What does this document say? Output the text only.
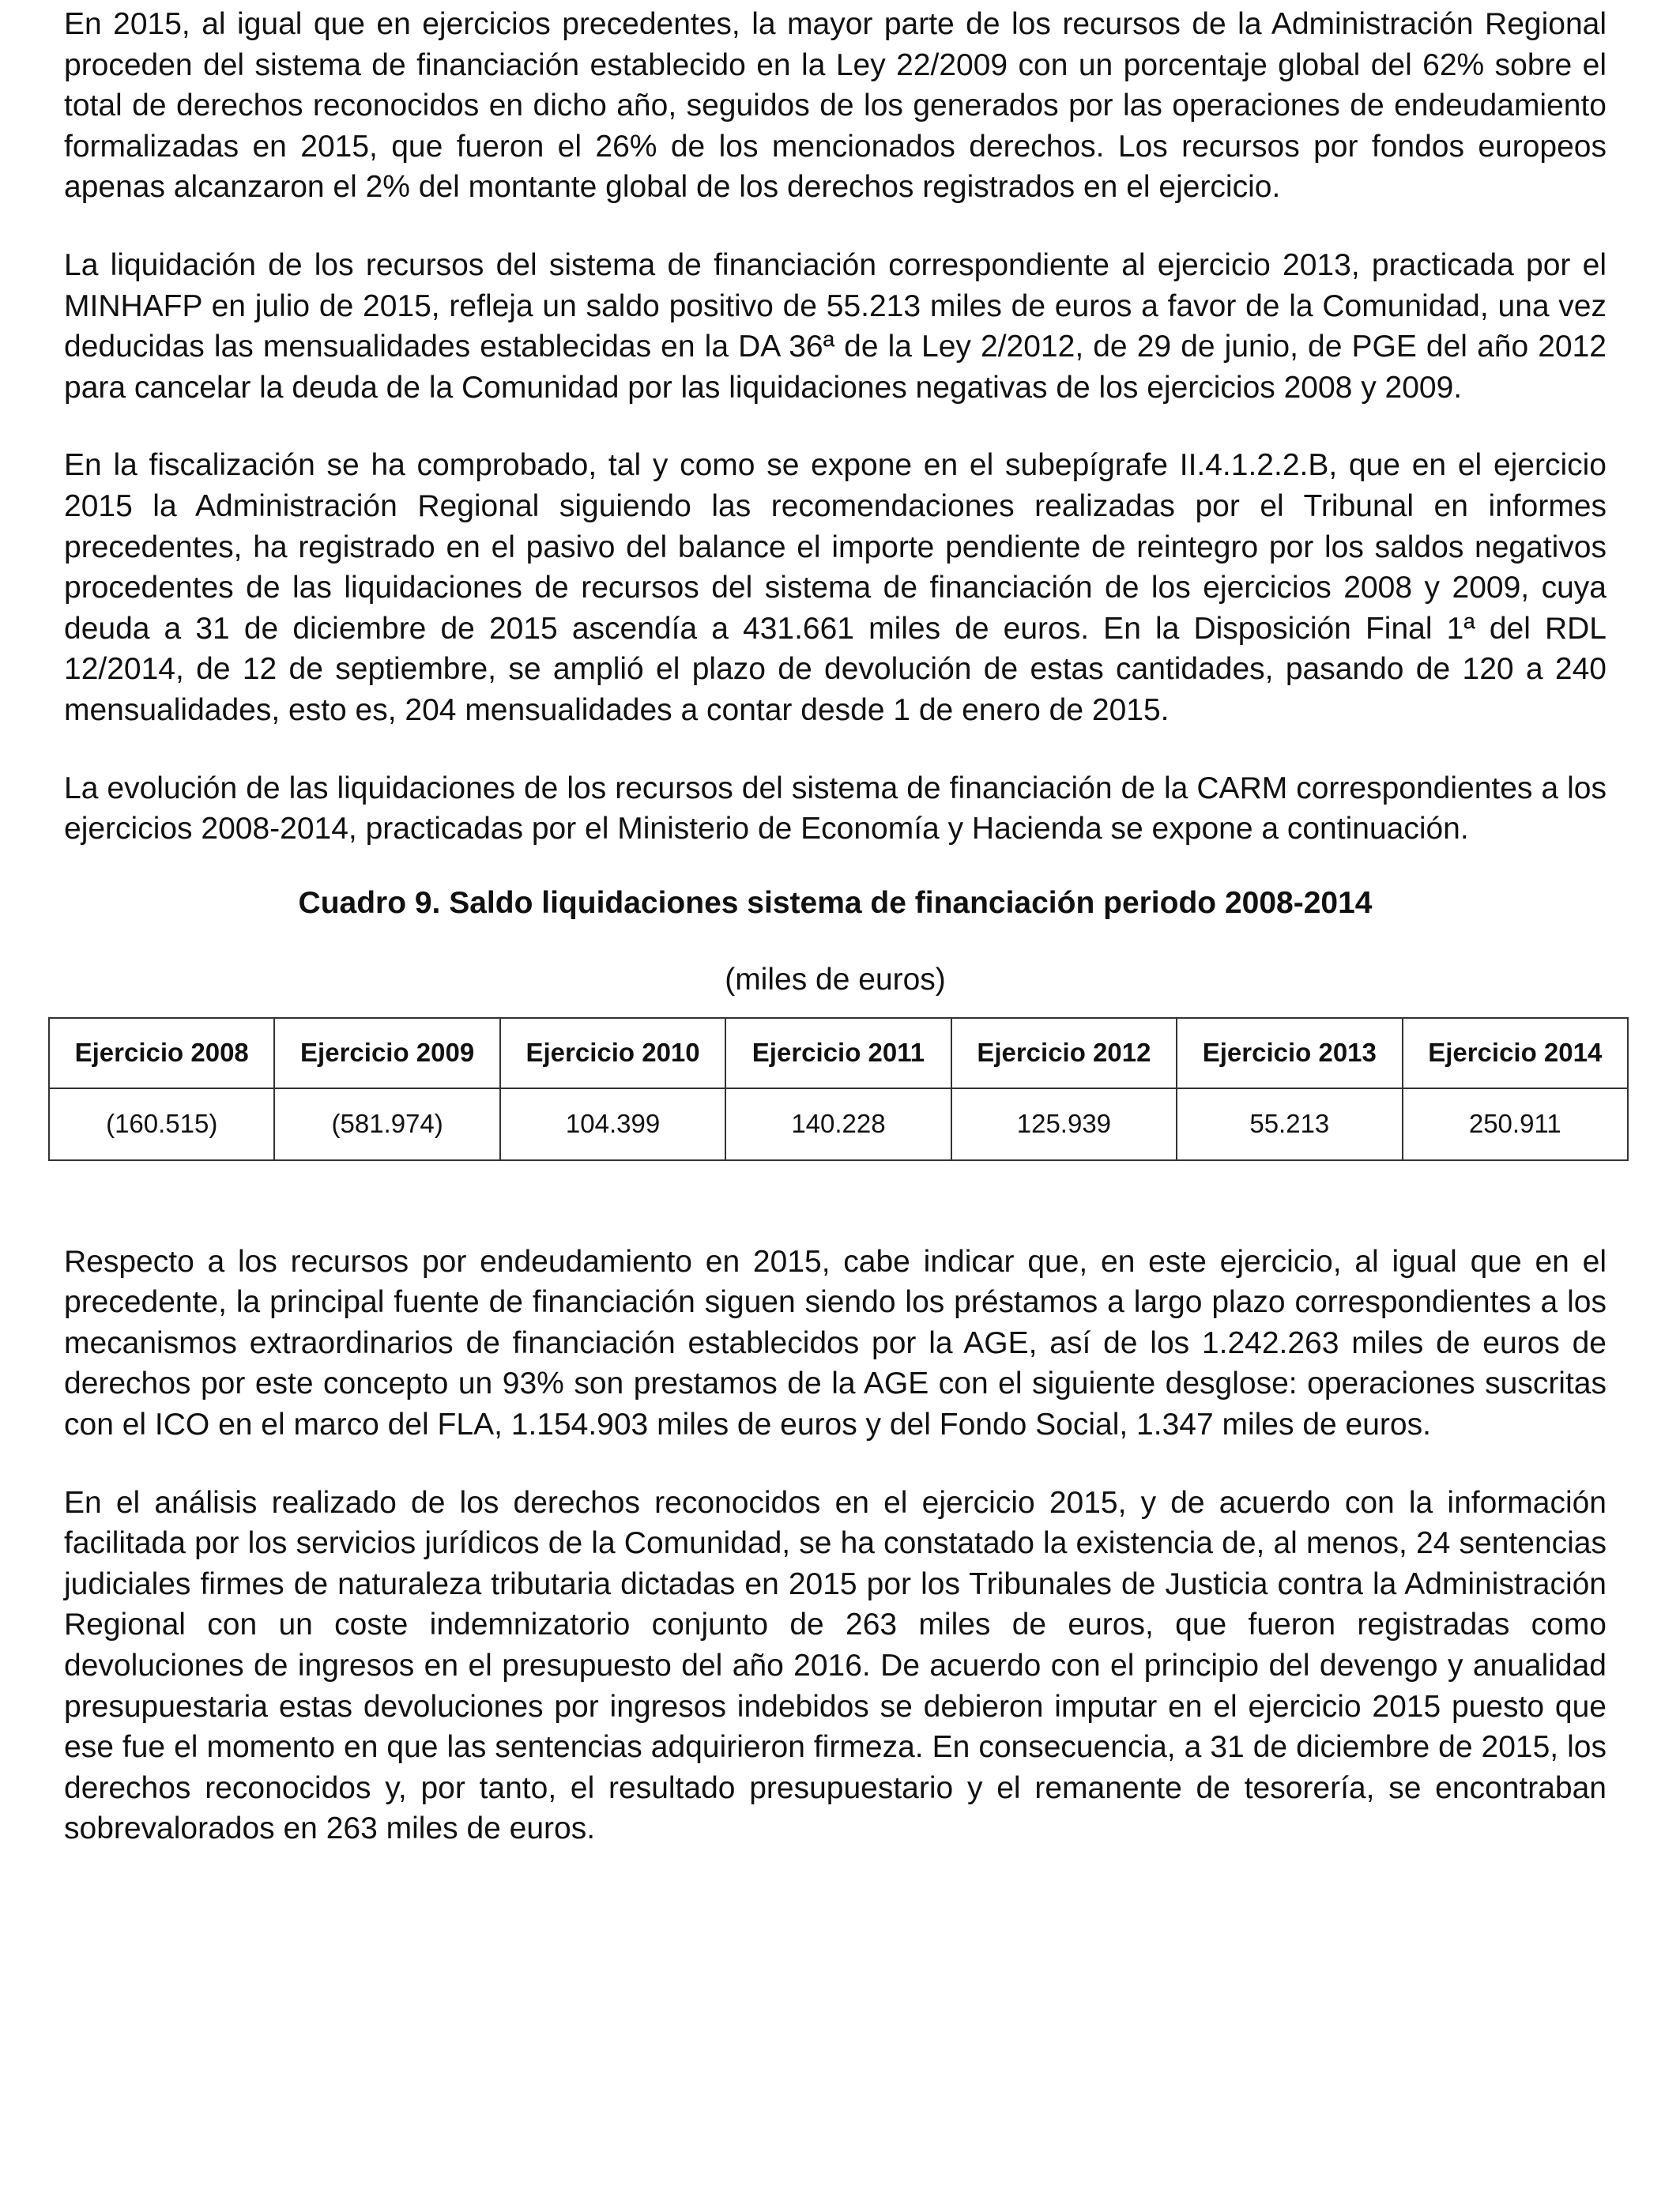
En 2015, al igual que en ejercicios precedentes, la mayor parte de los recursos de la Administración Regional proceden del sistema de financiación establecido en la Ley 22/2009 con un porcentaje global del 62% sobre el total de derechos reconocidos en dicho año, seguidos de los generados por las operaciones de endeudamiento formalizadas en 2015, que fueron el 26% de los mencionados derechos. Los recursos por fondos europeos apenas alcanzaron el 2% del montante global de los derechos registrados en el ejercicio.

La liquidación de los recursos del sistema de financiación correspondiente al ejercicio 2013, practicada por el MINHAFP en julio de 2015, refleja un saldo positivo de 55.213 miles de euros a favor de la Comunidad, una vez deducidas las mensualidades establecidas en la DA 36ª de la Ley 2/2012, de 29 de junio, de PGE del año 2012 para cancelar la deuda de la Comunidad por las liquidaciones negativas de los ejercicios 2008 y 2009.

En la fiscalización se ha comprobado, tal y como se expone en el subepígrafe II.4.1.2.2.B, que en el ejercicio 2015 la Administración Regional siguiendo las recomendaciones realizadas por el Tribunal en informes precedentes, ha registrado en el pasivo del balance el importe pendiente de reintegro por los saldos negativos procedentes de las liquidaciones de recursos del sistema de financiación de los ejercicios 2008 y 2009, cuya deuda a 31 de diciembre de 2015 ascendía a 431.661 miles de euros. En la Disposición Final 1ª del RDL 12/2014, de 12 de septiembre, se amplió el plazo de devolución de estas cantidades, pasando de 120 a 240 mensualidades, esto es, 204 mensualidades a contar desde 1 de enero de 2015.

La evolución de las liquidaciones de los recursos del sistema de financiación de la CARM correspondientes a los ejercicios 2008-2014, practicadas por el Ministerio de Economía y Hacienda se expone a continuación.

Cuadro 9. Saldo liquidaciones sistema de financiación periodo 2008-2014

(miles de euros)

Ejercicio 2008	Ejercicio 2009	Ejercicio 2010	Ejercicio 2011	Ejercicio 2012	Ejercicio 2013	Ejercicio 2014
(160.515)	(581.974)	104.399	140.228	125.939	55.213	250.911

Respecto a los recursos por endeudamiento en 2015, cabe indicar que, en este ejercicio, al igual que en el precedente, la principal fuente de financiación siguen siendo los préstamos a largo plazo correspondientes a los mecanismos extraordinarios de financiación establecidos por la AGE, así de los 1.242.263 miles de euros de derechos por este concepto un 93% son prestamos de la AGE con el siguiente desglose: operaciones suscritas con el ICO en el marco del FLA, 1.154.903 miles de euros y del Fondo Social, 1.347 miles de euros.

En el análisis realizado de los derechos reconocidos en el ejercicio 2015, y de acuerdo con la información facilitada por los servicios jurídicos de la Comunidad, se ha constatado la existencia de, al menos, 24 sentencias judiciales firmes de naturaleza tributaria dictadas en 2015 por los Tribunales de Justicia contra la Administración Regional con un coste indemnizatorio conjunto de 263 miles de euros, que fueron registradas como devoluciones de ingresos en el presupuesto del año 2016. De acuerdo con el principio del devengo y anualidad presupuestaria estas devoluciones por ingresos indebidos se debieron imputar en el ejercicio 2015 puesto que ese fue el momento en que las sentencias adquirieron firmeza. En consecuencia, a 31 de diciembre de 2015, los derechos reconocidos y, por tanto, el resultado presupuestario y el remanente de tesorería, se encontraban sobrevalorados en 263 miles de euros.
